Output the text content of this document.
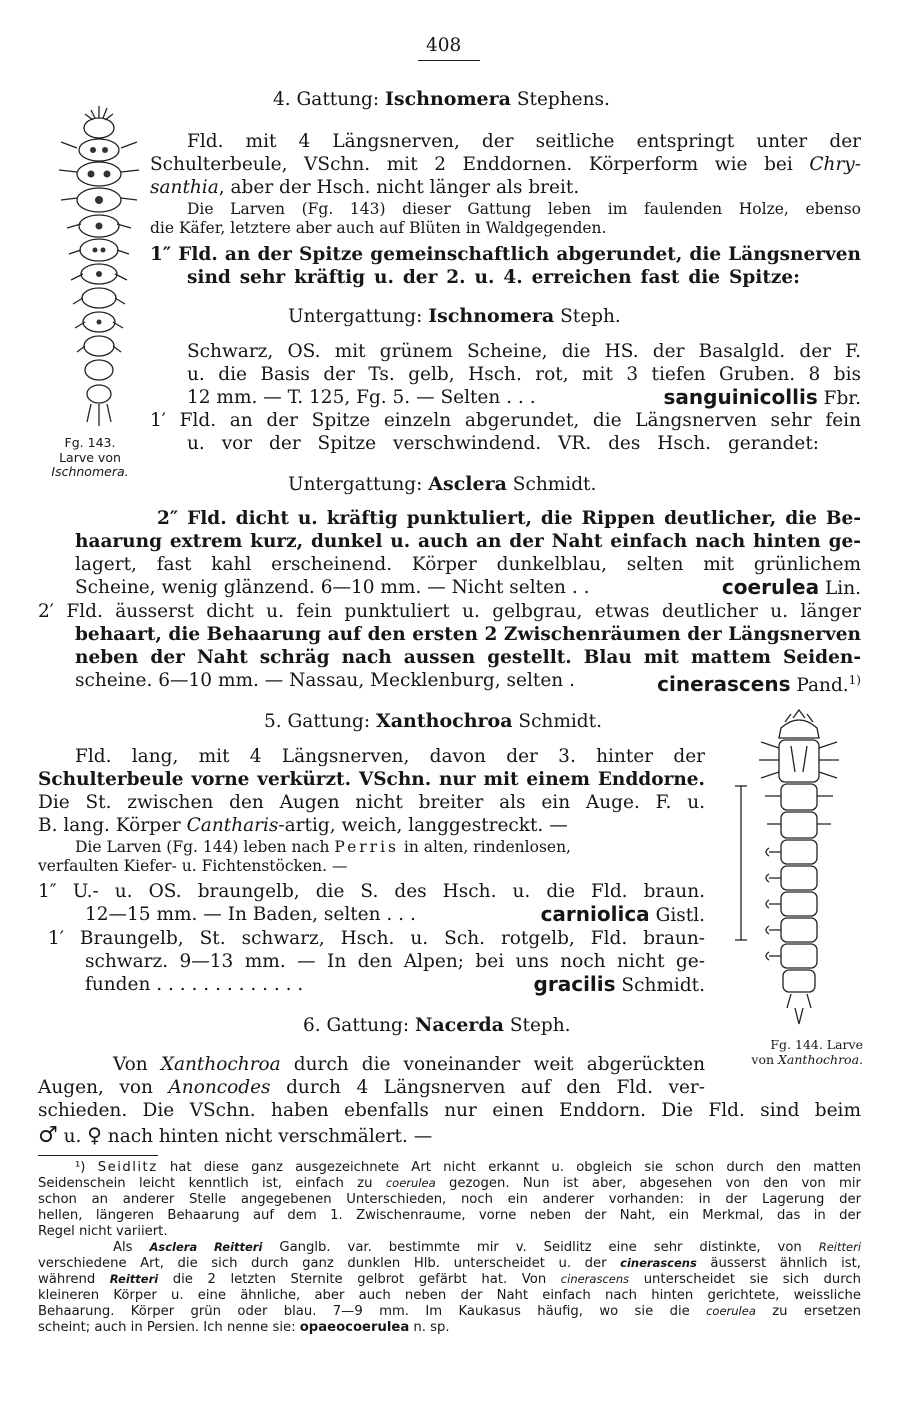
408
4. Gattung: Ischnomera Stephens.
Fg. 143.
Larve von
Ischnomera.
Fld. mit 4 Längsnerven, der seitliche entspringt unter der
Schulterbeule, VSchn. mit 2 Enddornen. Körperform wie bei Chry-
santhia, aber der Hsch. nicht länger als breit.
Die Larven (Fg. 143) dieser Gattung leben im faulenden Holze, ebenso
die Käfer, letztere aber auch auf Blüten in Waldgegenden.
1″ Fld. an der Spitze gemeinschaftlich abgerundet, die Längsnerven
sind sehr kräftig u. der 2. u. 4. erreichen fast die Spitze:
Untergattung: Ischnomera Steph.
Schwarz, OS. mit grünem Scheine, die HS. der Basalgld. der F.
u. die Basis der Ts. gelb, Hsch. rot, mit 3 tiefen Gruben. 8 bis
12 mm. — T. 125, Fg. 5. — Selten . . .	sanguinicollis Fbr.
1′ Fld. an der Spitze einzeln abgerundet, die Längsnerven sehr fein
u. vor der Spitze verschwindend. VR. des Hsch. gerandet:
Untergattung: Asclera Schmidt.
2″ Fld. dicht u. kräftig punktuliert, die Rippen deutlicher, die Be-
haarung extrem kurz, dunkel u. auch an der Naht einfach nach hinten ge-
lagert, fast kahl erscheinend. Körper dunkelblau, selten mit grünlichem
Scheine, wenig glänzend. 6—10 mm. — Nicht selten . .	coerulea Lin.
2′ Fld. äusserst dicht u. fein punktuliert u. gelbgrau, etwas deutlicher u. länger
behaart, die Behaarung auf den ersten 2 Zwischenräumen der Längsnerven
neben der Naht schräg nach aussen gestellt. Blau mit mattem Seiden-
scheine. 6—10 mm. — Nassau, Mecklenburg, selten .	cinerascens Pand.$^{1)}$
5. Gattung: Xanthochroa Schmidt.
Fg. 144. Larve
von Xanthochroa.
Fld. lang, mit 4 Längsnerven, davon der 3. hinter der
Schulterbeule vorne verkürzt. VSchn. nur mit einem Enddorne.
Die St. zwischen den Augen nicht breiter als ein Auge. F. u.
B. lang. Körper Cantharis-artig, weich, langgestreckt. —
Die Larven (Fg. 144) leben nach Perris in alten, rindenlosen,
verfaulten Kiefer- u. Fichtenstöcken. —
1″ U.- u. OS. braungelb, die S. des Hsch. u. die Fld. braun.
12—15 mm. — In Baden, selten . . .	carniolica Gistl.
1′ Braungelb, St. schwarz, Hsch. u. Sch. rotgelb, Fld. braun-
schwarz. 9—13 mm. — In den Alpen; bei uns noch nicht ge-
funden . . . . . . . . . . . . .	gracilis Schmidt.
6. Gattung: Nacerda Steph.
Von Xanthochroa durch die voneinander weit abgerückten
Augen, von Anoncodes durch 4 Längsnerven auf den Fld. ver-
schieden. Die VSchn. haben ebenfalls nur einen Enddorn. Die Fld. sind beim
♂ u. ♀ nach hinten nicht verschmälert. —
¹) Seidlitz hat diese ganz ausgezeichnete Art nicht erkannt u. obgleich sie schon durch den matten
Seidenschein leicht kenntlich ist, einfach zu coerulea gezogen. Nun ist aber, abgesehen von den von mir
schon an anderer Stelle angegebenen Unterschieden, noch ein anderer vorhanden: in der Lagerung der
hellen, längeren Behaarung auf dem 1. Zwischenraume, vorne neben der Naht, ein Merkmal, das in der
Regel nicht variiert.
Als Asclera Reitteri Ganglb. var. bestimmte mir v. Seidlitz eine sehr distinkte, von Reitteri
verschiedene Art, die sich durch ganz dunklen Hlb. unterscheidet u. der cinerascens äusserst ähnlich ist,
während Reitteri die 2 letzten Sternite gelbrot gefärbt hat. Von cinerascens unterscheidet sie sich durch
kleineren Körper u. eine ähnliche, aber auch neben der Naht einfach nach hinten gerichtete, weissliche
Behaarung. Körper grün oder blau. 7—9 mm. Im Kaukasus häufig, wo sie die coerulea zu ersetzen
scheint; auch in Persien. Ich nenne sie: opaeocoerulea n. sp.
